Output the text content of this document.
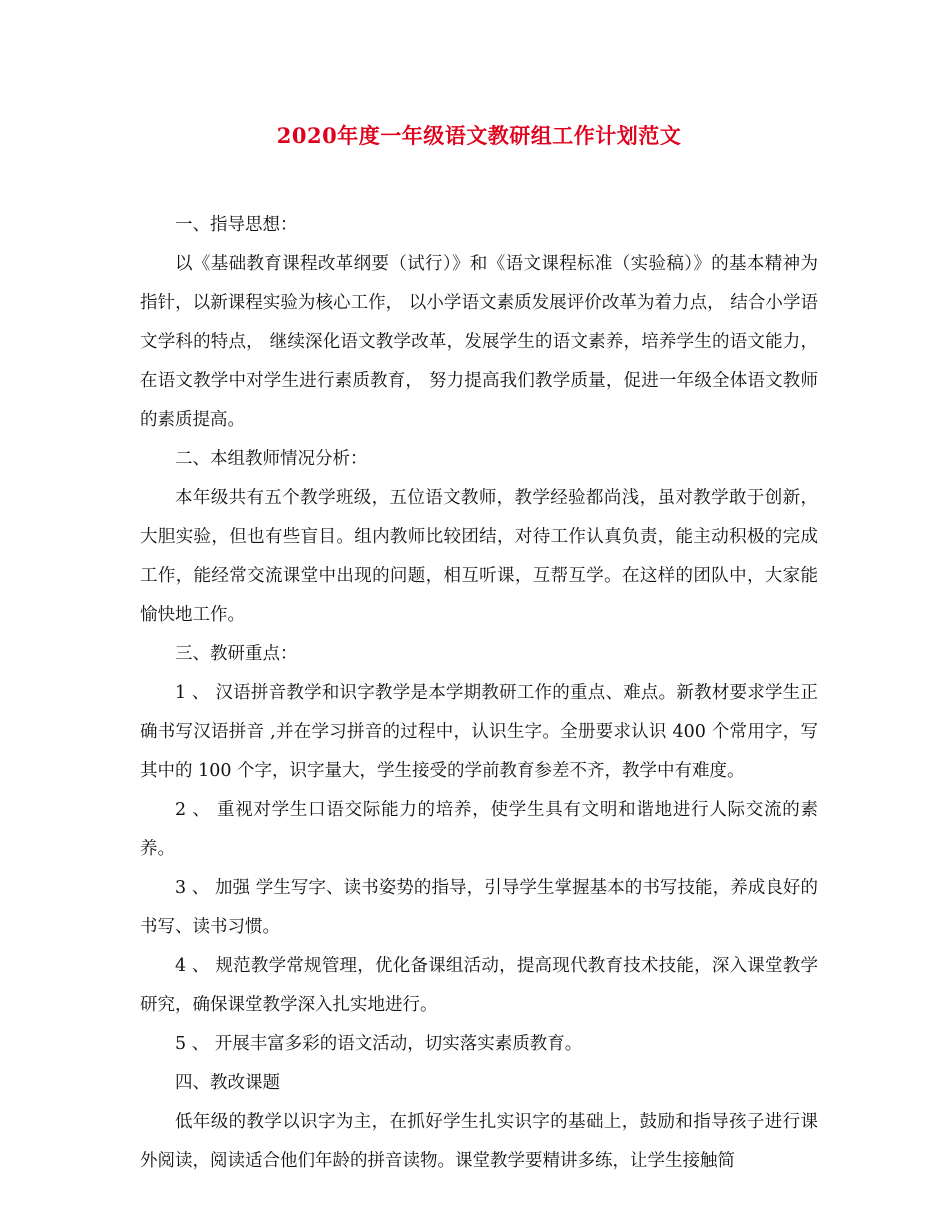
2020年度一年级语文教研组工作计划范文

一、指导思想：

以《基础教育课程改革纲要（试行）》和《语文课程标准（实验稿）》的基本精神为指针，以新课程实验为核心工作， 以小学语文素质发展评价改革为着力点， 结合小学语文学科的特点， 继续深化语文教学改革，发展学生的语文素养，培养学生的语文能力，在语文教学中对学生进行素质教育， 努力提高我们教学质量，促进一年级全体语文教师的素质提高。

二、本组教师情况分析：

本年级共有五个教学班级，五位语文教师，教学经验都尚浅，虽对教学敢于创新，大胆实验，但也有些盲目。组内教师比较团结，对待工作认真负责，能主动积极的完成工作，能经常交流课堂中出现的问题，相互听课，互帮互学。在这样的团队中，大家能愉快地工作。

三、教研重点：

1 、 汉语拼音教学和识字教学是本学期教研工作的重点、难点。新教材要求学生正确书写汉语拼音 ,并在学习拼音的过程中，认识生字。全册要求认识 400 个常用字，写其中的 100 个字，识字量大，学生接受的学前教育参差不齐，教学中有难度。

2 、 重视对学生口语交际能力的培养，使学生具有文明和谐地进行人际交流的素养。

3 、 加强 学生写字、读书姿势的指导，引导学生掌握基本的书写技能，养成良好的书写、读书习惯。

4 、 规范教学常规管理，优化备课组活动，提高现代教育技术技能，深入课堂教学研究，确保课堂教学深入扎实地进行。

5 、 开展丰富多彩的语文活动，切实落实素质教育。

四、教改课题

低年级的教学以识字为主，在抓好学生扎实识字的基础上，鼓励和指导孩子进行课外阅读，阅读适合他们年龄的拼音读物。课堂教学要精讲多练，让学生接触简
